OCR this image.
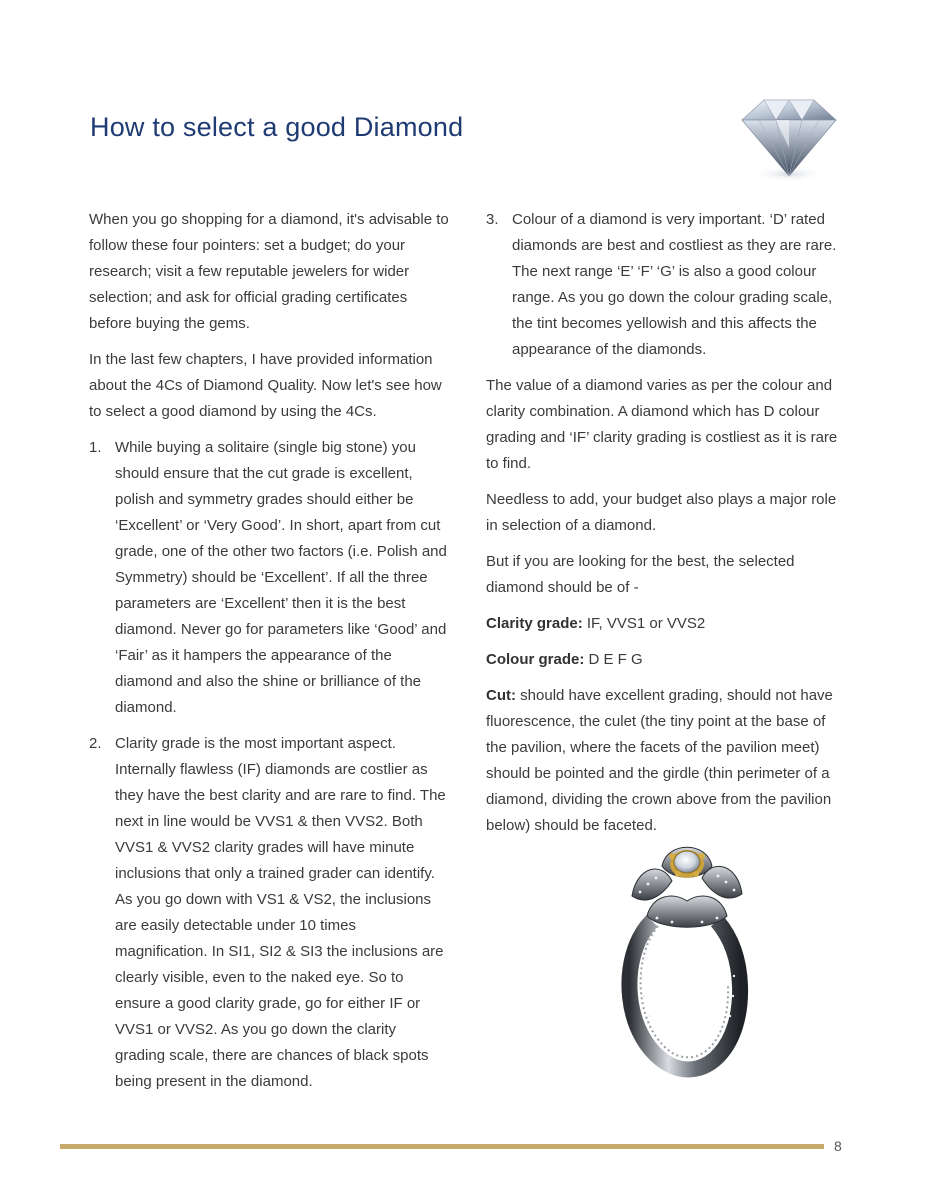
How to select a good Diamond

When you go shopping for a diamond, it's advisable to follow these four pointers: set a budget; do your research; visit a few reputable jewelers for wider selection; and ask for official grading certificates before buying the gems.

In the last few chapters, I have provided information about the 4Cs of Diamond Quality. Now let's see how to select a good diamond by using the 4Cs.

1. While buying a solitaire (single big stone) you should ensure that the cut grade is excellent, polish and symmetry grades should either be ‘Excellent’ or ‘Very Good’. In short, apart from cut grade, one of the other two factors (i.e. Polish and Symmetry) should be ‘Excellent’. If all the three parameters are ‘Excellent’ then it is the best diamond. Never go for parameters like ‘Good’ and ‘Fair’ as it hampers the appearance of the diamond and also the shine or brilliance of the diamond.
2. Clarity grade is the most important aspect. Internally flawless (IF) diamonds are costlier as they have the best clarity and are rare to find. The next in line would be VVS1 & then VVS2. Both VVS1 & VVS2 clarity grades will have minute inclusions that only a trained grader can identify. As you go down with VS1 & VS2, the inclusions are easily detectable under 10 times magnification. In SI1, SI2 & SI3 the inclusions are clearly visible, even to the naked eye. So to ensure a good clarity grade, go for either IF or VVS1 or VVS2. As you go down the clarity grading scale, there are chances of black spots being present in the diamond.
3. Colour of a diamond is very important. ‘D’ rated diamonds are best and costliest as they are rare. The next range ‘E’ ‘F’ ‘G’ is also a good colour range. As you go down the colour grading scale, the tint becomes yellowish and this affects the appearance of the diamonds.

The value of a diamond varies as per the colour and clarity combination. A diamond which has D colour grading and ‘IF’ clarity grading is costliest as it is rare to find.

Needless to add, your budget also plays a major role in selection of a diamond.

But if you are looking for the best, the selected diamond should be of -

Clarity grade: IF, VVS1 or VVS2

Colour grade: D E F G

Cut: should have excellent grading, should not have fluorescence, the culet (the tiny point at the base of the pavilion, where the facets of the pavilion meet) should be pointed and the girdle (thin perimeter of a diamond, dividing the crown above from the pavilion below) should be faceted.

8
